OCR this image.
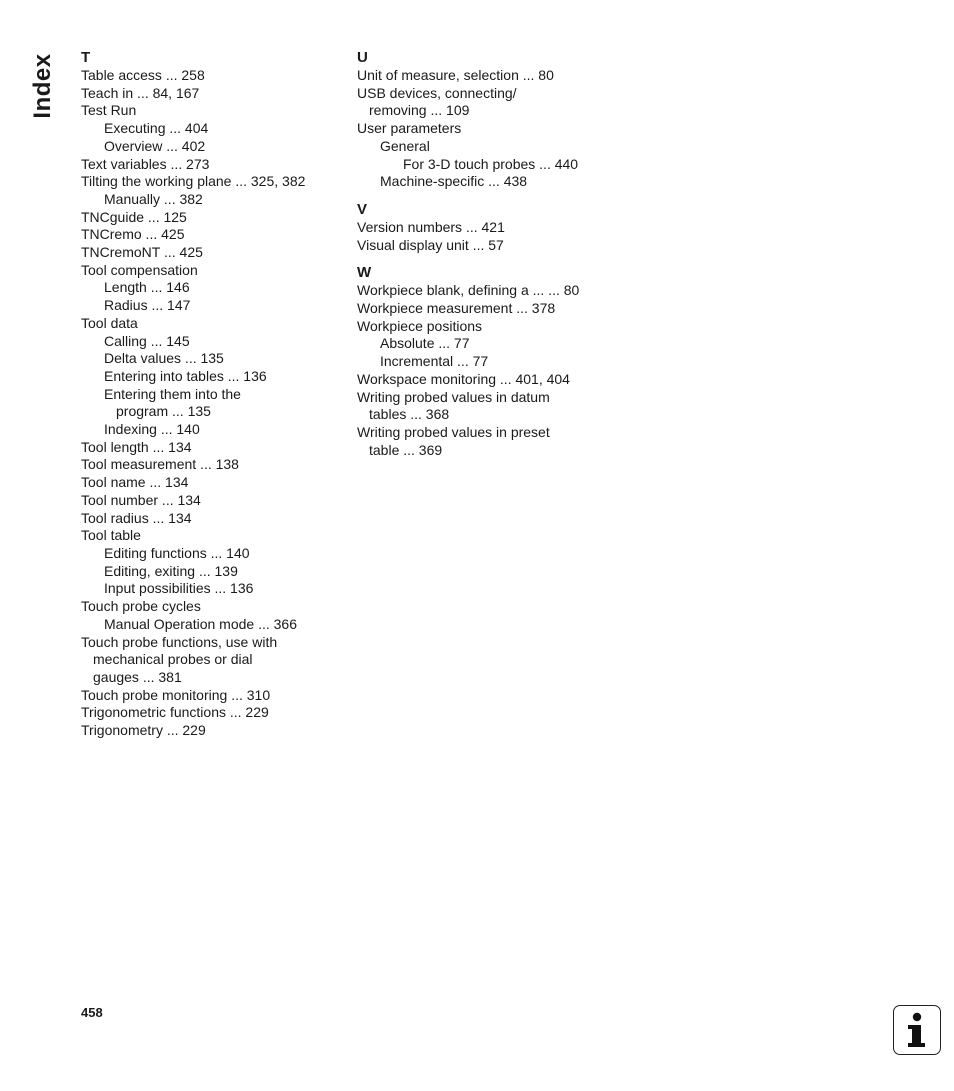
Index T
Table access ... 258
Teach in ... 84, 167
Test Run
Executing ... 404
Overview ... 402
Text variables ... 273
Tilting the working plane ... 325, 382
Manually ... 382
TNCguide ... 125
TNCremo ... 425
TNCremoNT ... 425
Tool compensation
Length ... 146
Radius ... 147
Tool data
Calling ... 145
Delta values ... 135
Entering into tables ... 136
Entering them into the
program ... 135
Indexing ... 140
Tool length ... 134
Tool measurement ... 138
Tool name ... 134
Tool number ... 134
Tool radius ... 134
Tool table
Editing functions ... 140
Editing, exiting ... 139
Input possibilities ... 136
Touch probe cycles
Manual Operation mode ... 366
Touch probe functions, use with
mechanical probes or dial
gauges ... 381
Touch probe monitoring ... 310
Trigonometric functions ... 229
Trigonometry ... 229
U
Unit of measure, selection ... 80
USB devices, connecting/
removing ... 109
User parameters
General
For 3-D touch probes ... 440
Machine-specific ... 438
V
Version numbers ... 421
Visual display unit ... 57
W
Workpiece blank, defining a ... ... 80
Workpiece measurement ... 378
Workpiece positions
Absolute ... 77
Incremental ... 77
Workspace monitoring ... 401, 404
Writing probed values in datum
tables ... 368
Writing probed values in preset
table ... 369
458
